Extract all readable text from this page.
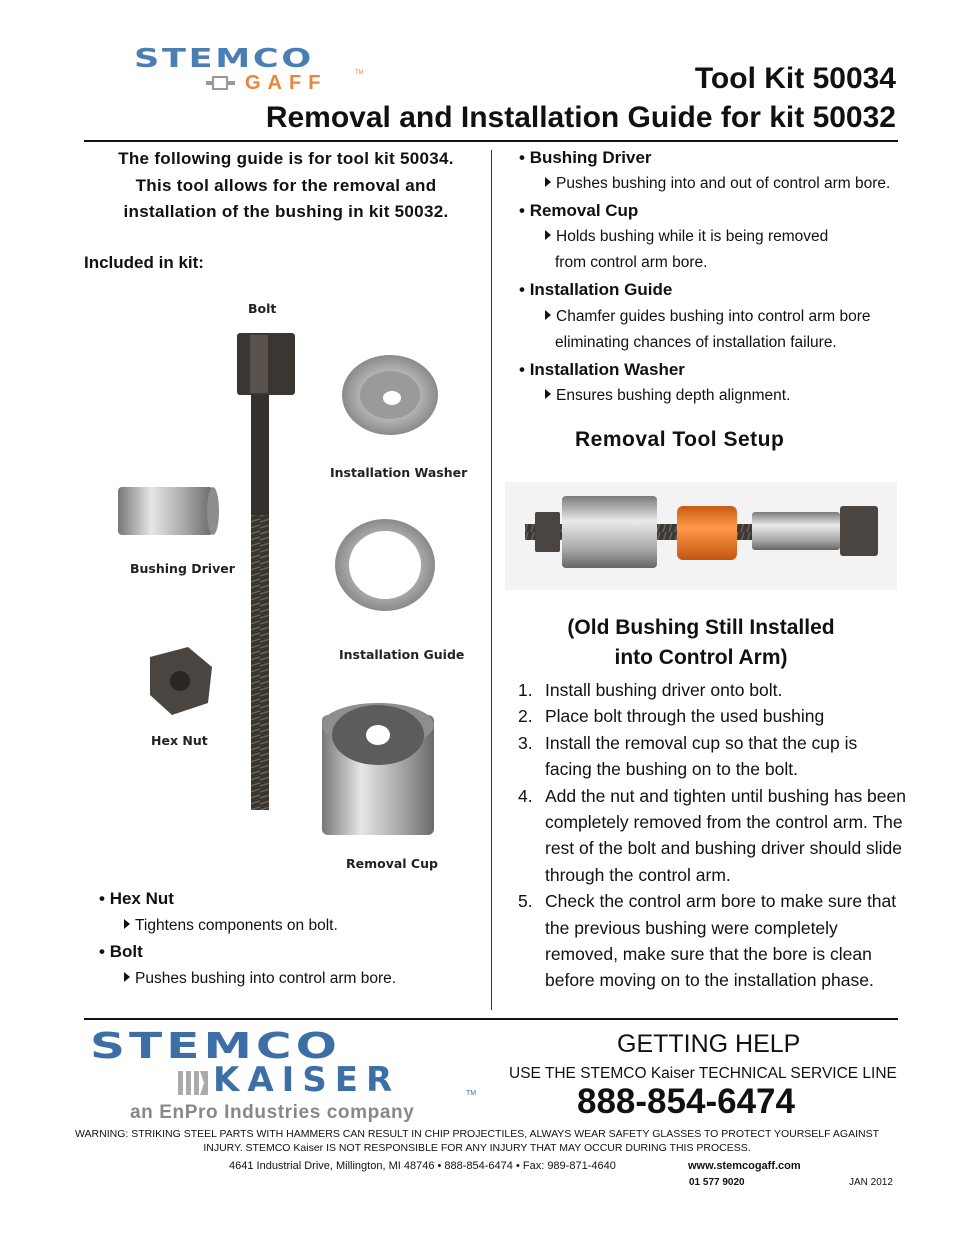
STEMCO
GAFF	TM	Tool Kit 50034
Removal and Installation Guide for kit 50032
The following guide is for tool kit 50034. This tool allows for the removal and installation of the bushing in kit 50032.
Included in kit:
Bolt
Installation Washer
Bushing Driver
Installation Guide
Hex Nut
Removal Cup
• Hex Nut
Tightens components on bolt.
• Bolt
Pushes bushing into control arm bore.
• Bushing Driver
Pushes bushing into and out of control arm bore.
• Removal Cup
Holds bushing while it is being removed
from control arm bore.
• Installation Guide
Chamfer guides bushing into control arm bore
eliminating chances of installation failure.
• Installation Washer
Ensures bushing depth alignment.
Removal Tool Setup
(Old Bushing Still Installed
into Control Arm)
1. Install bushing driver onto bolt.
2. Place bolt through the used bushing
3. Install the removal cup so that the cup is facing the bushing on to the bolt.
4. Add the nut and tighten until bushing has been completely removed from the control arm. The rest of the bolt and bushing driver should slide through the control arm.
5. Check the control arm bore to make sure that the previous bushing were completely removed, make sure that the bore is clean before moving on to the installation phase.
STEMCO
KAISER	TM
an EnPro Industries company
GETTING HELP
USE THE STEMCO Kaiser TECHNICAL SERVICE LINE
888-854-6474
WARNING: STRIKING STEEL PARTS WITH HAMMERS CAN RESULT IN CHIP PROJECTILES, ALWAYS WEAR SAFETY GLASSES TO PROTECT YOURSELF AGAINST INJURY. STEMCO Kaiser IS NOT RESPONSIBLE FOR ANY INJURY THAT MAY OCCUR DURING THIS PROCESS.
4641 Industrial Drive, Millington, MI 48746 • 888-854-6474 • Fax: 989-871-4640	www.stemcogaff.com
01 577 9020	JAN 2012
